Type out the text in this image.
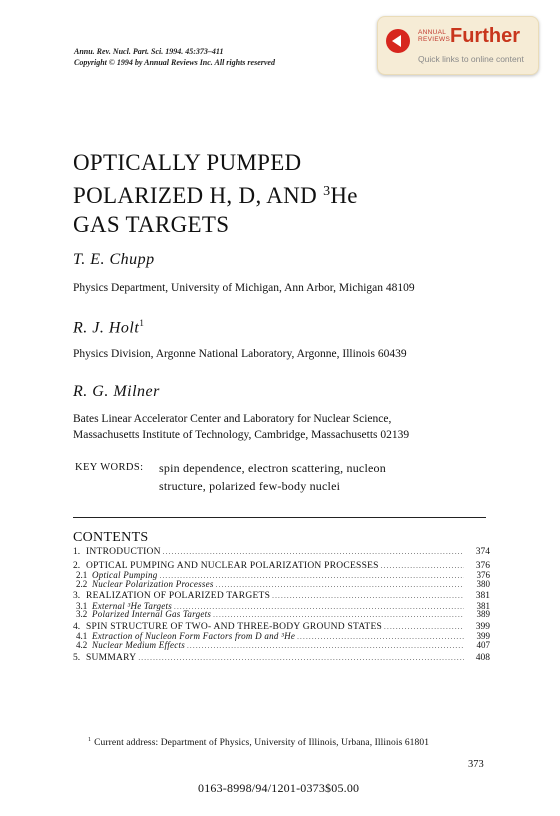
Annu. Rev. Nucl. Part. Sci. 1994. 45:373–411
Copyright © 1994 by Annual Reviews Inc. All rights reserved
ANNUAL
REVIEWS Further
Quick links to online content
OPTICALLY PUMPED
POLARIZED H, D, AND $^3$He
GAS TARGETS
T. E. Chupp
Physics Department, University of Michigan, Ann Arbor, Michigan 48109
R. J. Holt$^1$
Physics Division, Argonne National Laboratory, Argonne, Illinois 60439
R. G. Milner
Bates Linear Accelerator Center and Laboratory for Nuclear Science,
Massachusetts Institute of Technology, Cambridge, Massachusetts 02139
KEY WORDS: spin dependence, electron scattering, nucleon
structure, polarized few-body nuclei
CONTENTS
1. INTRODUCTION .....	374
2. OPTICAL PUMPING AND NUCLEAR POLARIZATION PROCESSES .....	376
2.1 Optical Pumping .....	376
2.2 Nuclear Polarization Processes .....	380
3. REALIZATION OF POLARIZED TARGETS .....	381
3.1 External ³He Targets .....	381
3.2 Polarized Internal Gas Targets .....	389
4. SPIN STRUCTURE OF TWO- AND THREE-BODY GROUND STATES .....	399
4.1 Extraction of Nucleon Form Factors from D and ³He .....	399
4.2 Nuclear Medium Effects .....	407
5. SUMMARY .....	408
$^1$ Current address: Department of Physics, University of Illinois, Urbana, Illinois 61801
373
0163-8998/94/1201-0373$05.00
